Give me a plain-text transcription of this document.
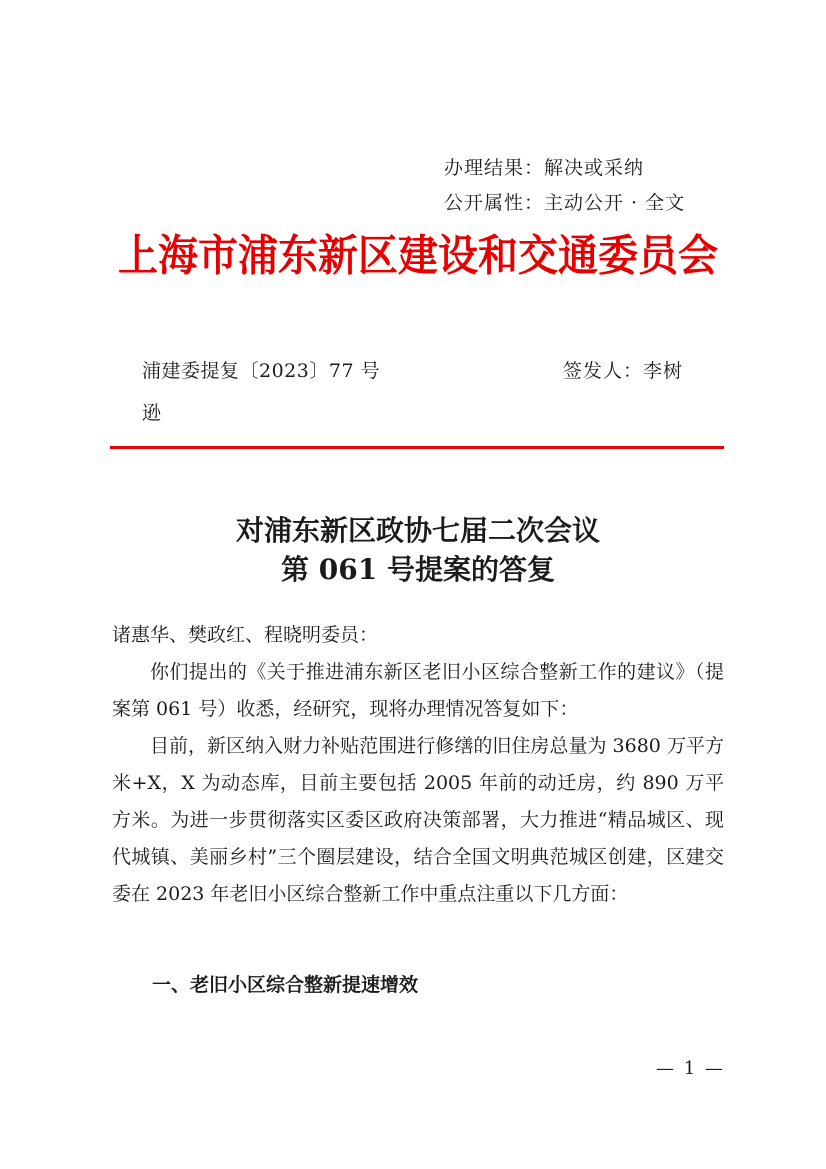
办理结果：解决或采纳
公开属性：主动公开 · 全文
上海市浦东新区建设和交通委员会
浦建委提复〔2023〕77 号	签发人：李树
逊
对浦东新区政协七届二次会议
第 061 号提案的答复

诸惠华、樊政红、程晓明委员：

你们提出的《关于推进浦东新区老旧小区综合整新工作的建议》（提案第 061 号）收悉，经研究，现将办理情况答复如下：

目前，新区纳入财力补贴范围进行修缮的旧住房总量为 3680 万平方米+X，X 为动态库，目前主要包括 2005 年前的动迁房，约 890 万平方米。为进一步贯彻落实区委区政府决策部署，大力推进“精品城区、现代城镇、美丽乡村”三个圈层建设，结合全国文明典范城区创建，区建交委在 2023 年老旧小区综合整新工作中重点注重以下几方面：

一、老旧小区综合整新提速增效
— 1 —
